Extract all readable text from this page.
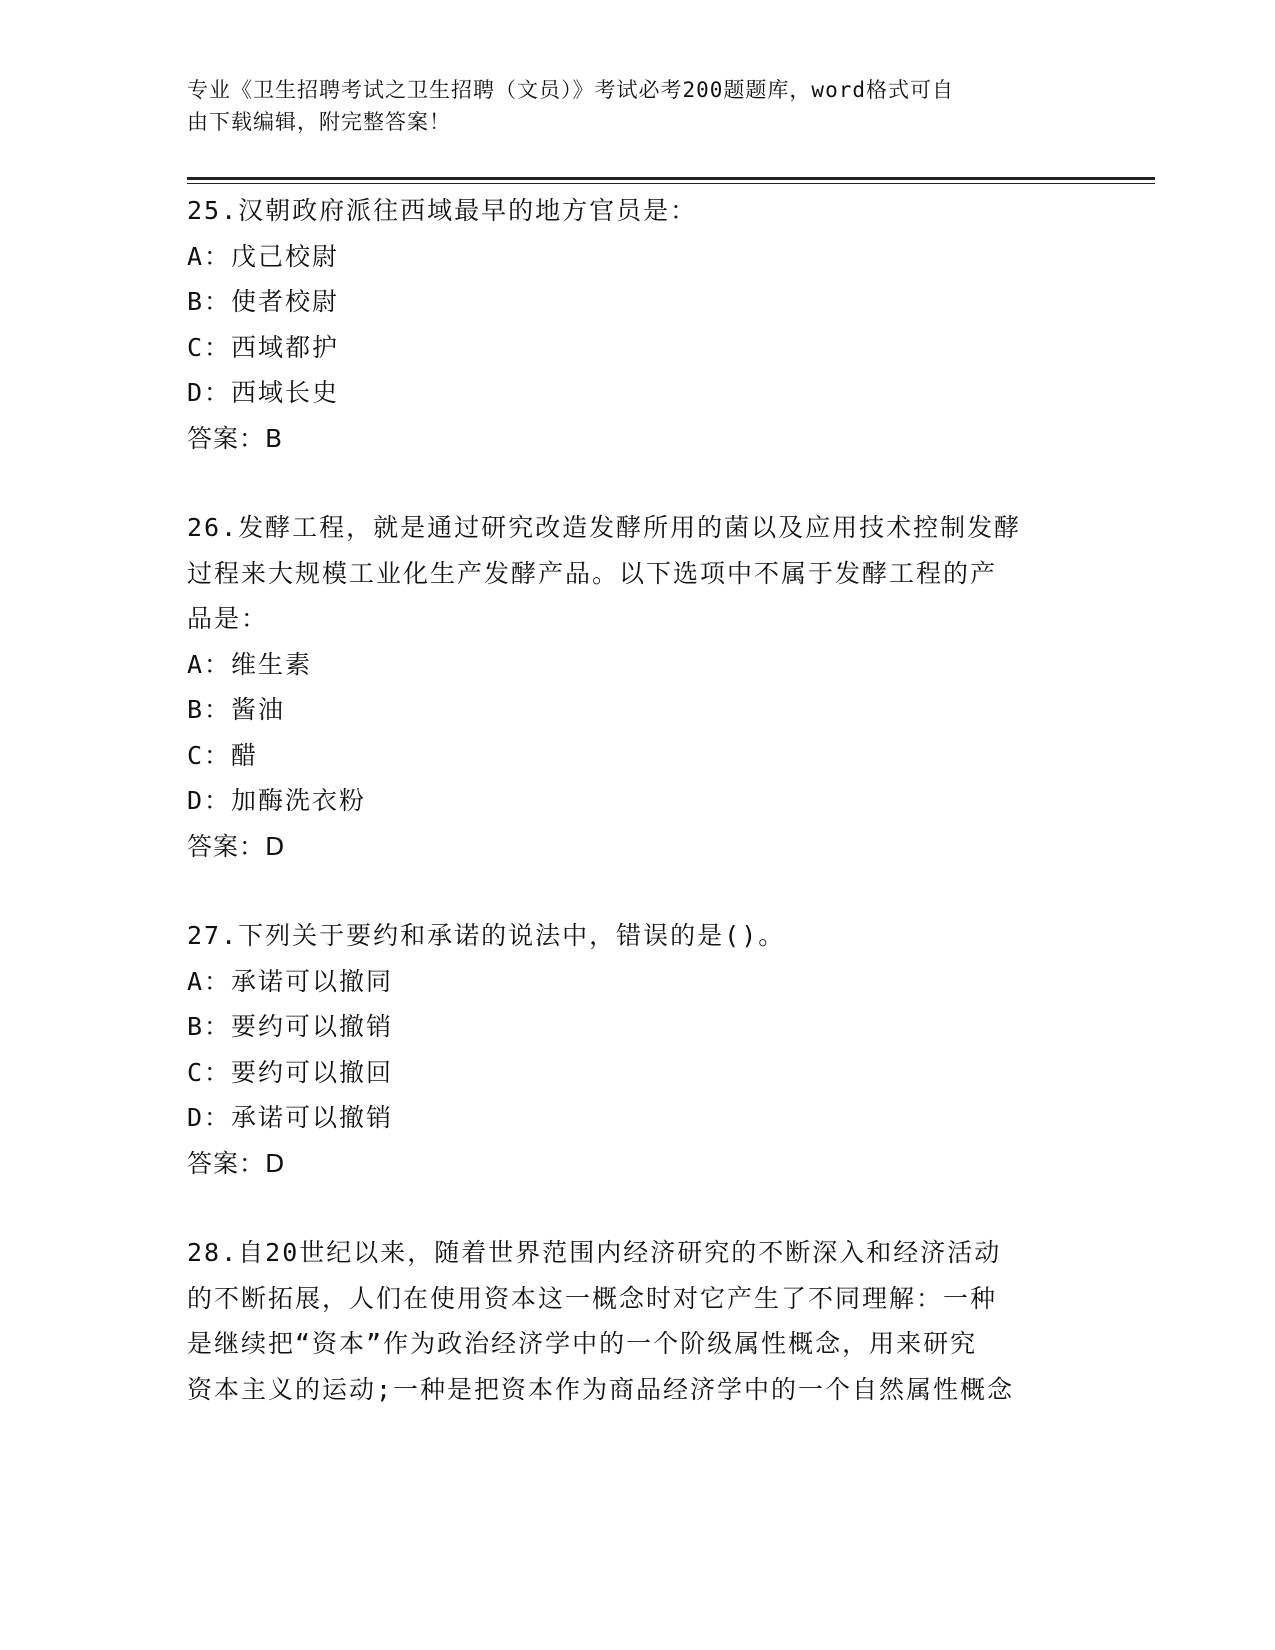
专业《卫生招聘考试之卫生招聘（文员）》考试必考200题题库，word格式可自
由下载编辑，附完整答案！
25.汉朝政府派往西域最早的地方官员是：
A：戊己校尉
B：使者校尉
C：西域都护
D：西域长史
答案：B
26.发酵工程，就是通过研究改造发酵所用的菌以及应用技术控制发酵
过程来大规模工业化生产发酵产品。以下选项中不属于发酵工程的产
品是：
A：维生素
B：酱油
C：醋
D：加酶洗衣粉
答案：D
27.下列关于要约和承诺的说法中，错误的是()。
A：承诺可以撤同
B：要约可以撤销
C：要约可以撤回
D：承诺可以撤销
答案：D
28.自20世纪以来，随着世界范围内经济研究的不断深入和经济活动
的不断拓展，人们在使用资本这一概念时对它产生了不同理解：一种
是继续把“资本”作为政治经济学中的一个阶级属性概念，用来研究
资本主义的运动;一种是把资本作为商品经济学中的一个自然属性概念
